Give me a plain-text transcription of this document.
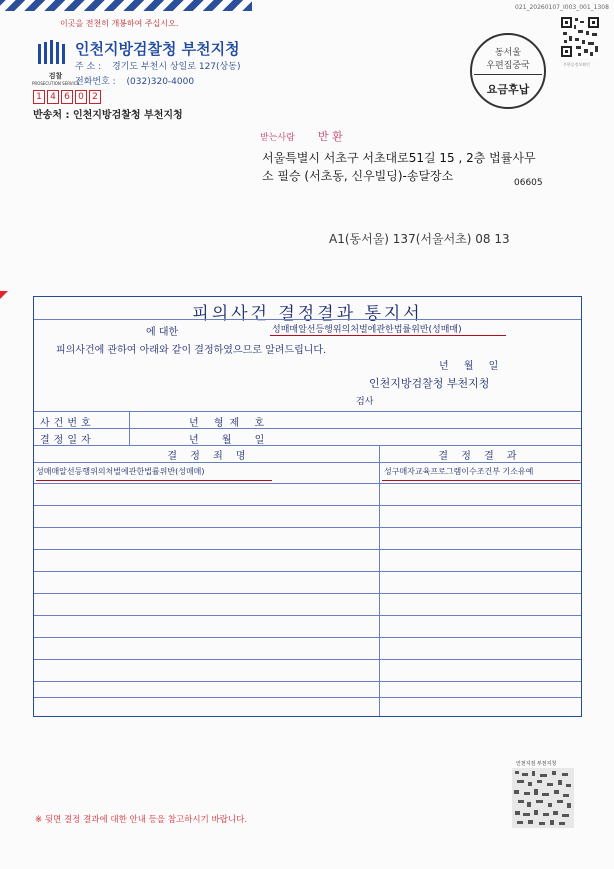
이곳을 전천히 개봉하여 주십시오.
021_20260107_I003_001_1308
검찰
PROSECUTION SERVICE
인천지방검찰청 부천지청
주 소 : 경기도 부천시 상일로 127(상동)
전화번호 : (032)320-4000
1 4 6 0 2
반송처 : 인천지방검찰청 부천지청
동서울
우편집중국
요금후납
우편물정보확인
받는사람 반 환
서울특별시 서초구 서초대로51길 15 , 2층 법률사무
소 필승 (서초동, 신우빌딩)-송달장소	06605
A1(동서울) 137(서울서초) 08 13
피의사건 결정결과 통지서
에 대한	성매매알선등행위의처벌에관한법률위반(성매매)
피의사건에 관하여 아래와 같이 결정하였으므로 알려드립니다.
년 월 일
인천지방검찰청 부천지청
검사
사건번호	년 형제 호
결정일자	년 월 일
결 정 죄 명	결 정 결 과
성매매알선등행위의처벌에관한법률위반(성매매)	성구매자교육프로그램이수조건부 기소유예
인천지검 부천지청
※ 뒷면 결정 결과에 대한 안내 등을 참고하시기 바랍니다.
